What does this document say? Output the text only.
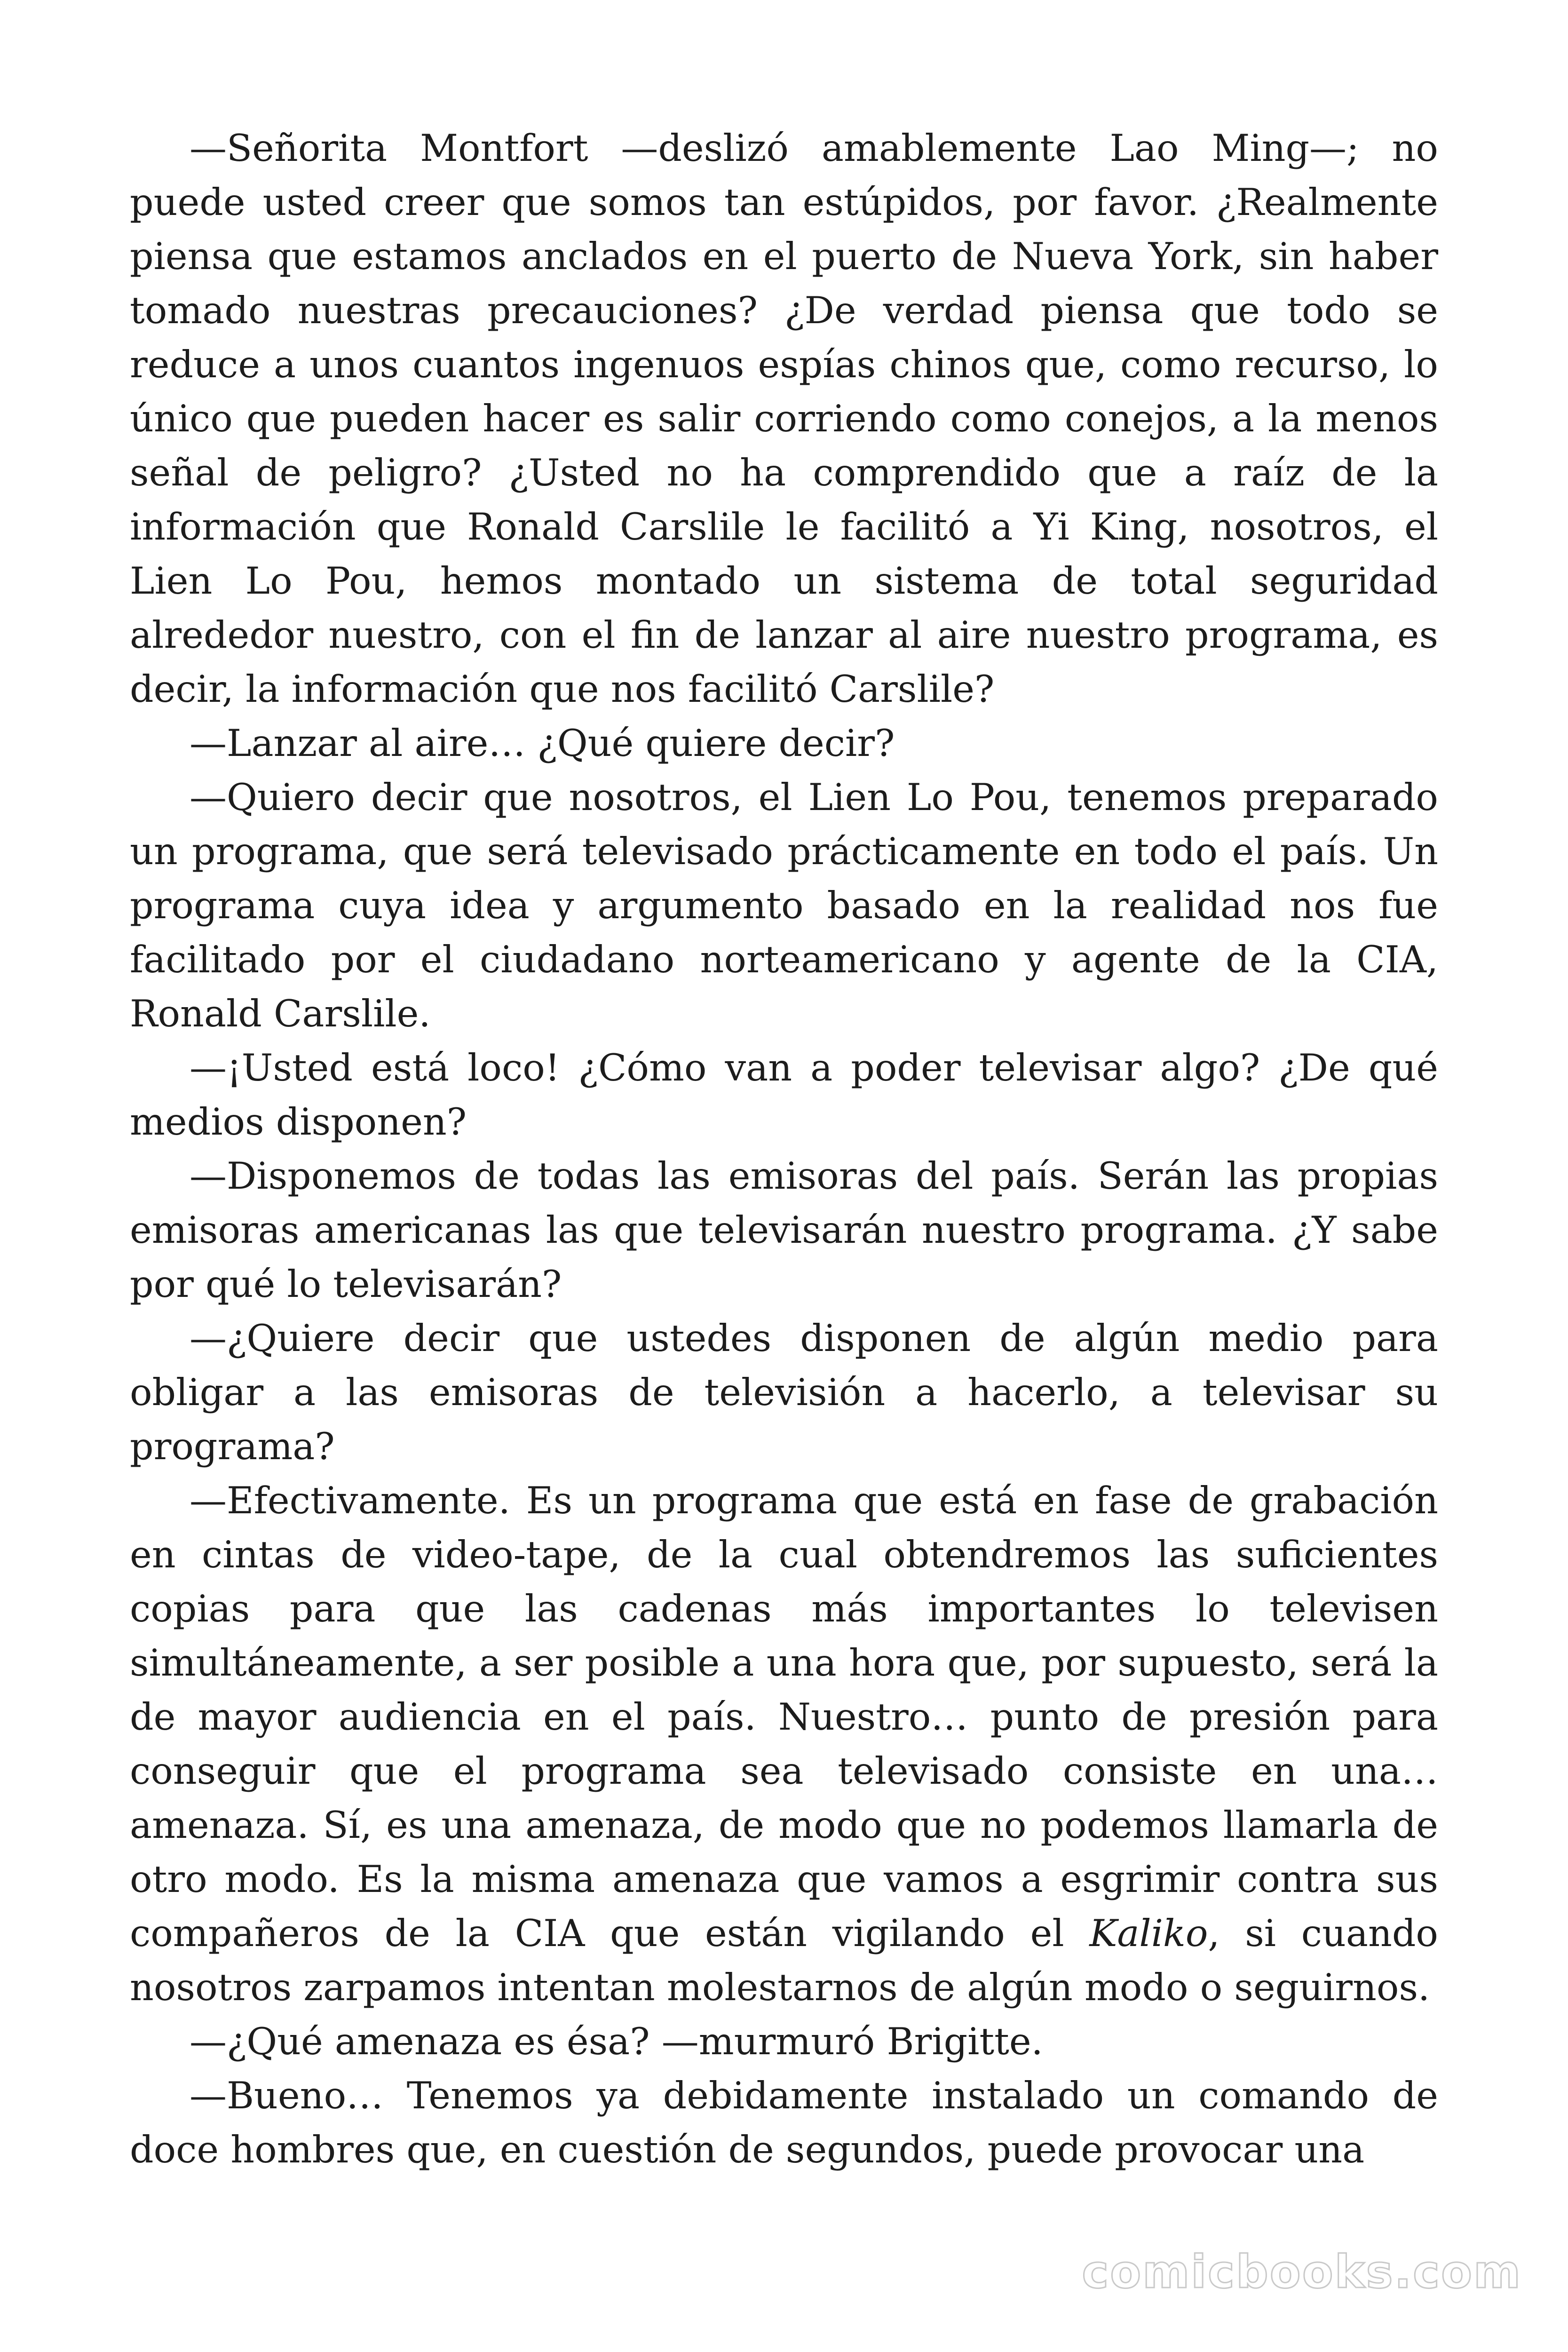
—Señorita Montfort —deslizó amablemente Lao Ming—; no puede usted creer que somos tan estúpidos, por favor. ¿Realmente piensa que estamos anclados en el puerto de Nueva York, sin haber tomado nuestras precauciones? ¿De verdad piensa que todo se reduce a unos cuantos ingenuos espías chinos que, como recurso, lo único que pueden hacer es salir corriendo como conejos, a la menos señal de peligro? ¿Usted no ha comprendido que a raíz de la información que Ronald Carslile le facilitó a Yi King, nosotros, el Lien Lo Pou, hemos montado un sistema de total seguridad alrededor nuestro, con el fin de lanzar al aire nuestro programa, es decir, la información que nos facilitó Carslile?

—Lanzar al aire… ¿Qué quiere decir?

—Quiero decir que nosotros, el Lien Lo Pou, tenemos preparado un programa, que será televisado prácticamente en todo el país. Un programa cuya idea y argumento basado en la realidad nos fue facilitado por el ciudadano norteamericano y agente de la CIA, Ronald Carslile.

—¡Usted está loco! ¿Cómo van a poder televisar algo? ¿De qué medios disponen?

—Disponemos de todas las emisoras del país. Serán las propias emisoras americanas las que televisarán nuestro programa. ¿Y sabe por qué lo televisarán?

—¿Quiere decir que ustedes disponen de algún medio para obligar a las emisoras de televisión a hacerlo, a televisar su programa?

—Efectivamente. Es un programa que está en fase de grabación en cintas de video-tape, de la cual obtendremos las suficientes copias para que las cadenas más importantes lo televisen simultáneamente, a ser posible a una hora que, por supuesto, será la de mayor audiencia en el país. Nuestro… punto de presión para conseguir que el programa sea televisado consiste en una… amenaza. Sí, es una amenaza, de modo que no podemos llamarla de otro modo. Es la misma amenaza que vamos a esgrimir contra sus compañeros de la CIA que están vigilando el Kaliko, si cuando nosotros zarpamos intentan molestarnos de algún modo o seguirnos.

—¿Qué amenaza es ésa? —murmuró Brigitte.

—Bueno… Tenemos ya debidamente instalado un comando de doce hombres que, en cuestión de segundos, puede provocar una

comicbooks.com
